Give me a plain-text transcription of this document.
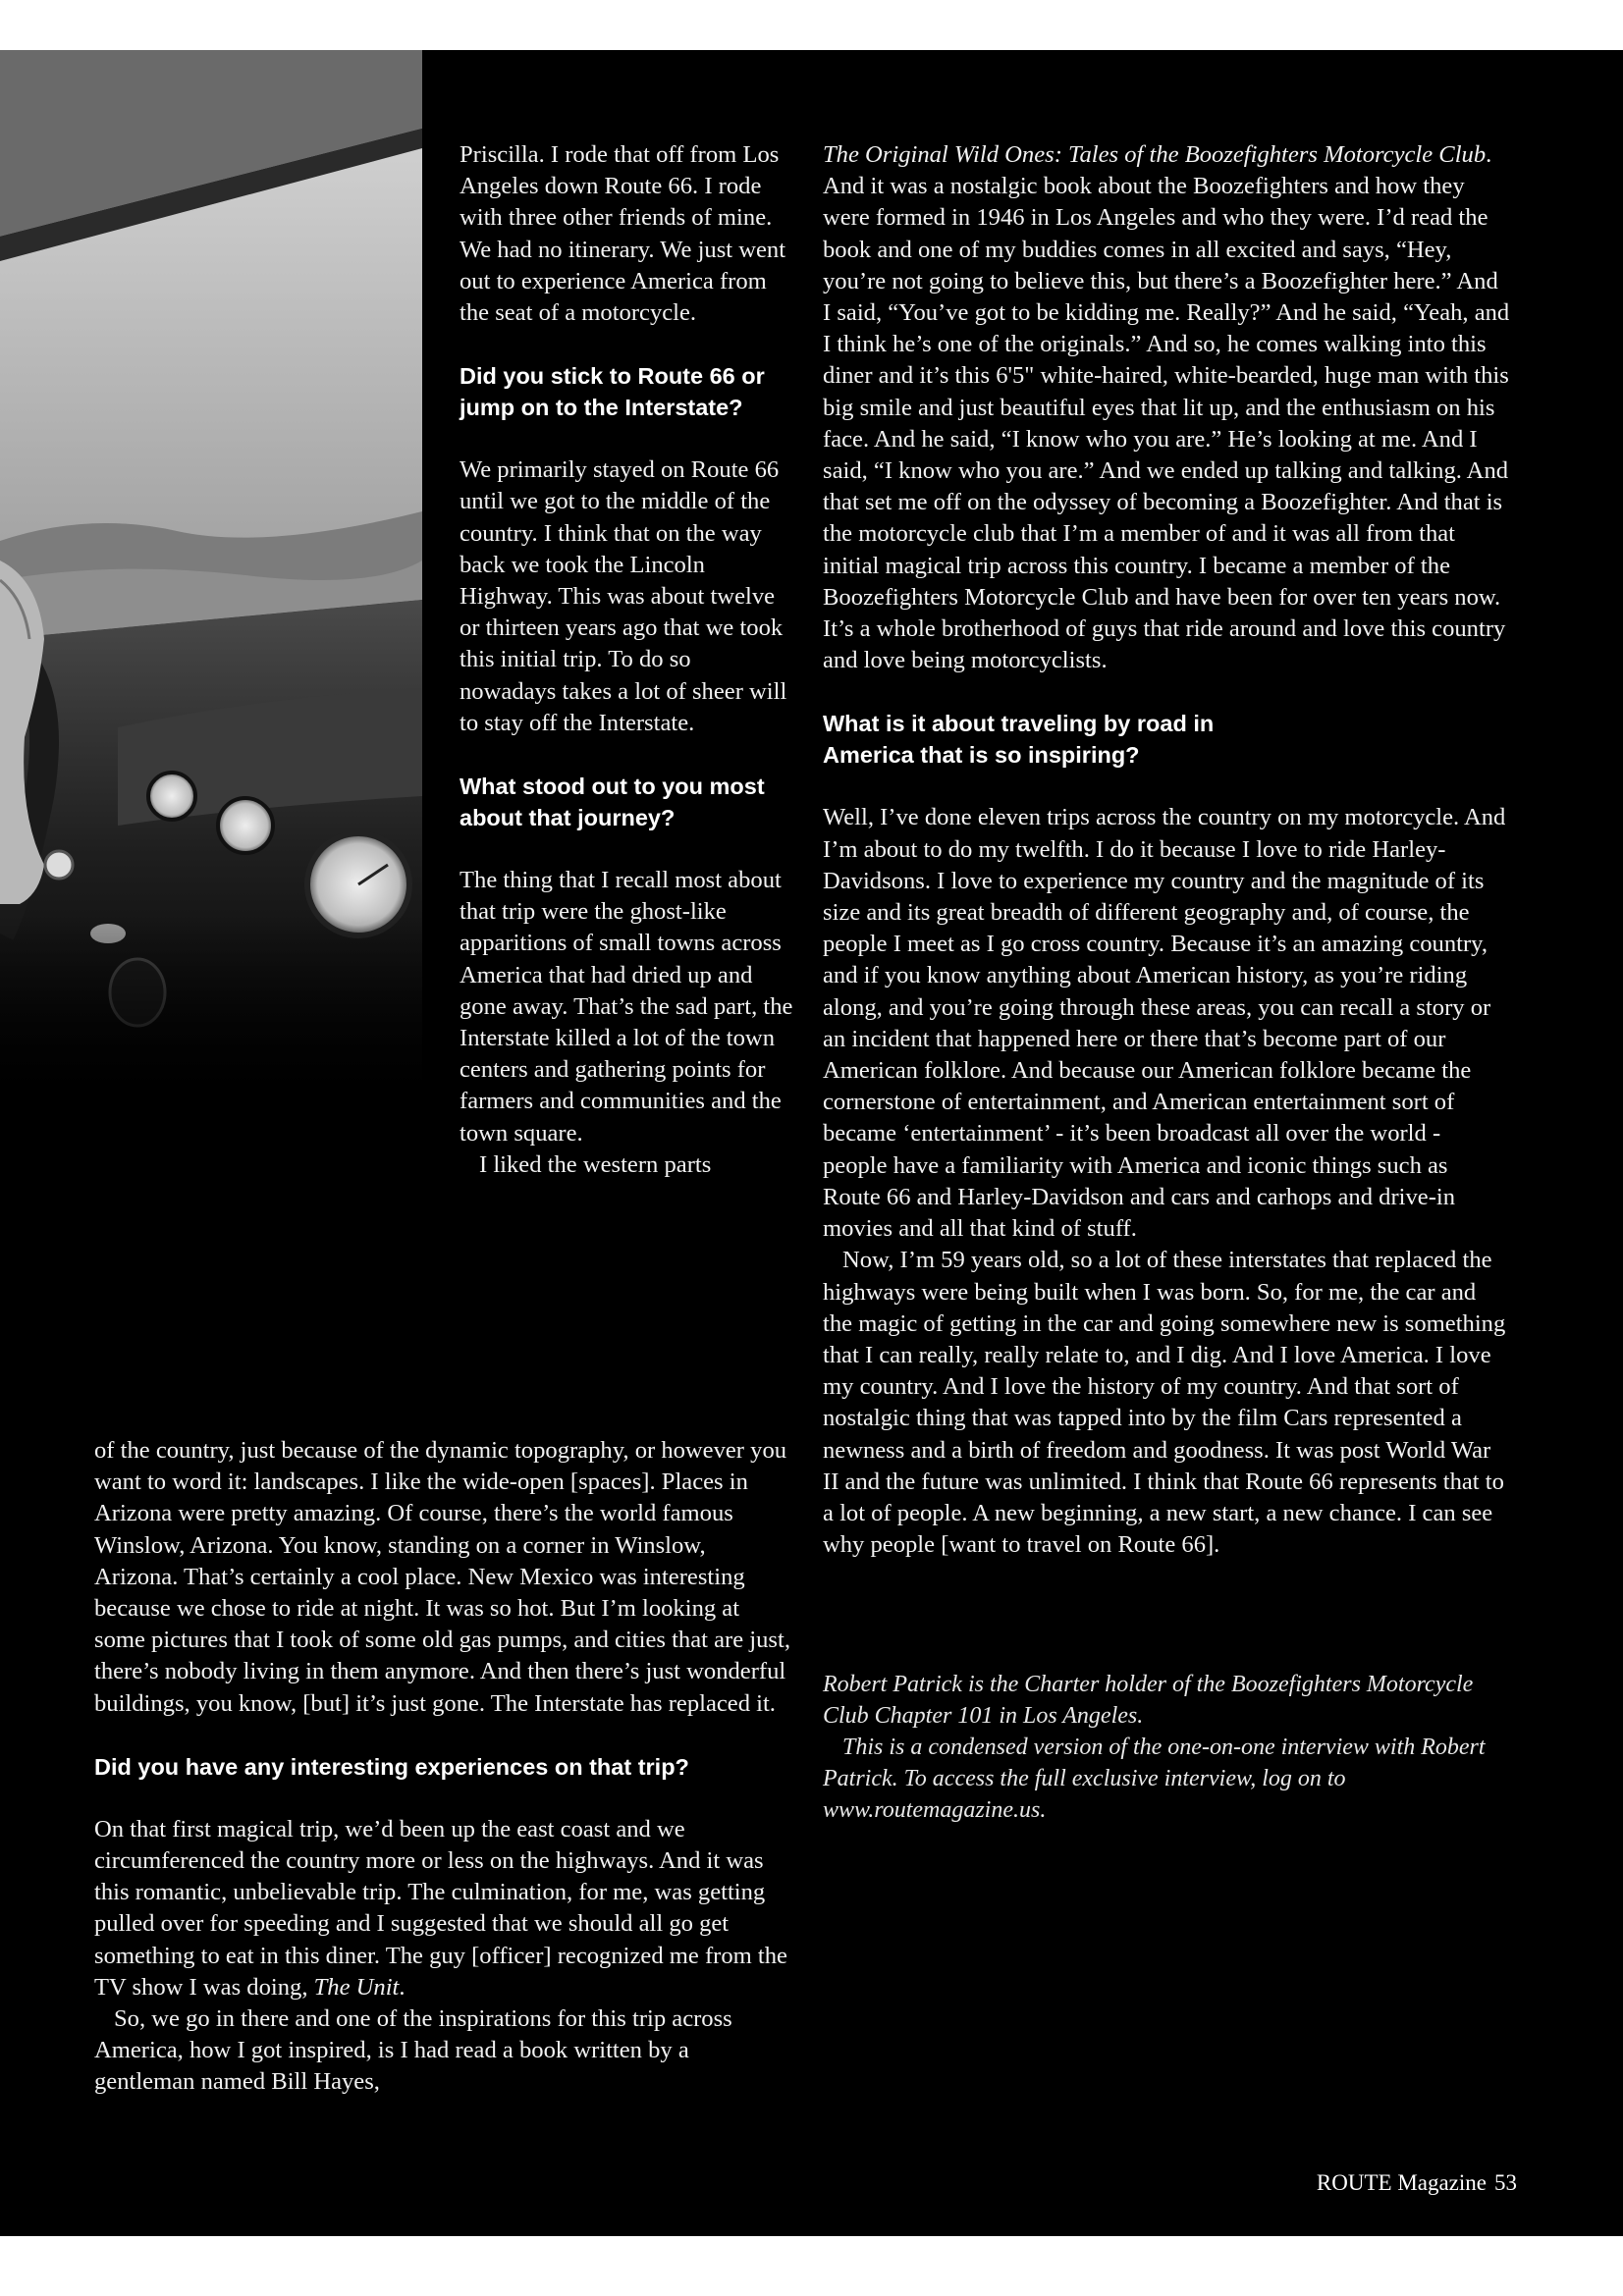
Priscilla. I rode that off from Los Angeles down Route 66. I rode with three other friends of mine. We had no itinerary. We just went out to experience America from the seat of a motorcycle.

Did you stick to Route 66 or jump on to the Interstate?

We primarily stayed on Route 66 until we got to the middle of the country. I think that on the way back we took the Lincoln Highway. This was about twelve or thirteen years ago that we took this initial trip. To do so nowadays takes a lot of sheer will to stay off the Interstate.

What stood out to you most about that journey?

The thing that I recall most about that trip were the ghost-like apparitions of small towns across America that had dried up and gone away. That’s the sad part, the Interstate killed a lot of the town centers and gathering points for farmers and communities and the town square.

I liked the western parts

of the country, just because of the dynamic topography, or however you want to word it: landscapes. I like the wide-open [spaces]. Places in Arizona were pretty amazing. Of course, there’s the world famous Winslow, Arizona. You know, standing on a corner in Winslow, Arizona. That’s certainly a cool place. New Mexico was interesting because we chose to ride at night. It was so hot. But I’m looking at some pictures that I took of some old gas pumps, and cities that are just, there’s nobody living in them anymore. And then there’s just wonderful buildings, you know, [but] it’s just gone. The Interstate has replaced it.

Did you have any interesting experiences on that trip?

On that first magical trip, we’d been up the east coast and we circumferenced the country more or less on the highways. And it was this romantic, unbelievable trip. The culmination, for me, was getting pulled over for speeding and I suggested that we should all go get something to eat in this diner. The guy [officer] recognized me from the TV show I was doing, The Unit.

So, we go in there and one of the inspirations for this trip across America, how I got inspired, is I had read a book written by a gentleman named Bill Hayes,

The Original Wild Ones: Tales of the Boozefighters Motorcycle Club. And it was a nostalgic book about the Boozefighters and how they were formed in 1946 in Los Angeles and who they were. I’d read the book and one of my buddies comes in all excited and says, “Hey, you’re not going to believe this, but there’s a Boozefighter here.” And I said, “You’ve got to be kidding me. Really?” And he said, “Yeah, and I think he’s one of the originals.” And so, he comes walking into this diner and it’s this 6'5" white-haired, white-bearded, huge man with this big smile and just beautiful eyes that lit up, and the enthusiasm on his face. And he said, “I know who you are.” He’s looking at me. And I said, “I know who you are.” And we ended up talking and talking. And that set me off on the odyssey of becoming a Boozefighter. And that is the motorcycle club that I’m a member of and it was all from that initial magical trip across this country. I became a member of the Boozefighters Motorcycle Club and have been for over ten years now. It’s a whole brotherhood of guys that ride around and love this country and love being motorcyclists.

What is it about traveling by road in America that is so inspiring?

Well, I’ve done eleven trips across the country on my motorcycle. And I’m about to do my twelfth. I do it because I love to ride Harley-Davidsons. I love to experience my country and the magnitude of its size and its great breadth of different geography and, of course, the people I meet as I go cross country. Because it’s an amazing country, and if you know anything about American history, as you’re riding along, and you’re going through these areas, you can recall a story or an incident that happened here or there that’s become part of our American folklore. And because our American folklore became the cornerstone of entertainment, and American entertainment sort of became ‘entertainment’ - it’s been broadcast all over the world - people have a familiarity with America and iconic things such as Route 66 and Harley-Davidson and cars and carhops and drive-in movies and all that kind of stuff.

Now, I’m 59 years old, so a lot of these interstates that replaced the highways were being built when I was born. So, for me, the car and the magic of getting in the car and going somewhere new is something that I can really, really relate to, and I dig. And I love America. I love my country. And I love the history of my country. And that sort of nostalgic thing that was tapped into by the film Cars represented a newness and a birth of freedom and goodness. It was post World War II and the future was unlimited. I think that Route 66 represents that to a lot of people. A new beginning, a new start, a new chance. I can see why people [want to travel on Route 66].

Robert Patrick is the Charter holder of the Boozefighters Motorcycle Club Chapter 101 in Los Angeles.

This is a condensed version of the one-on-one interview with Robert Patrick. To access the full exclusive interview, log on to www.routemagazine.us.

ROUTE Magazine 53
